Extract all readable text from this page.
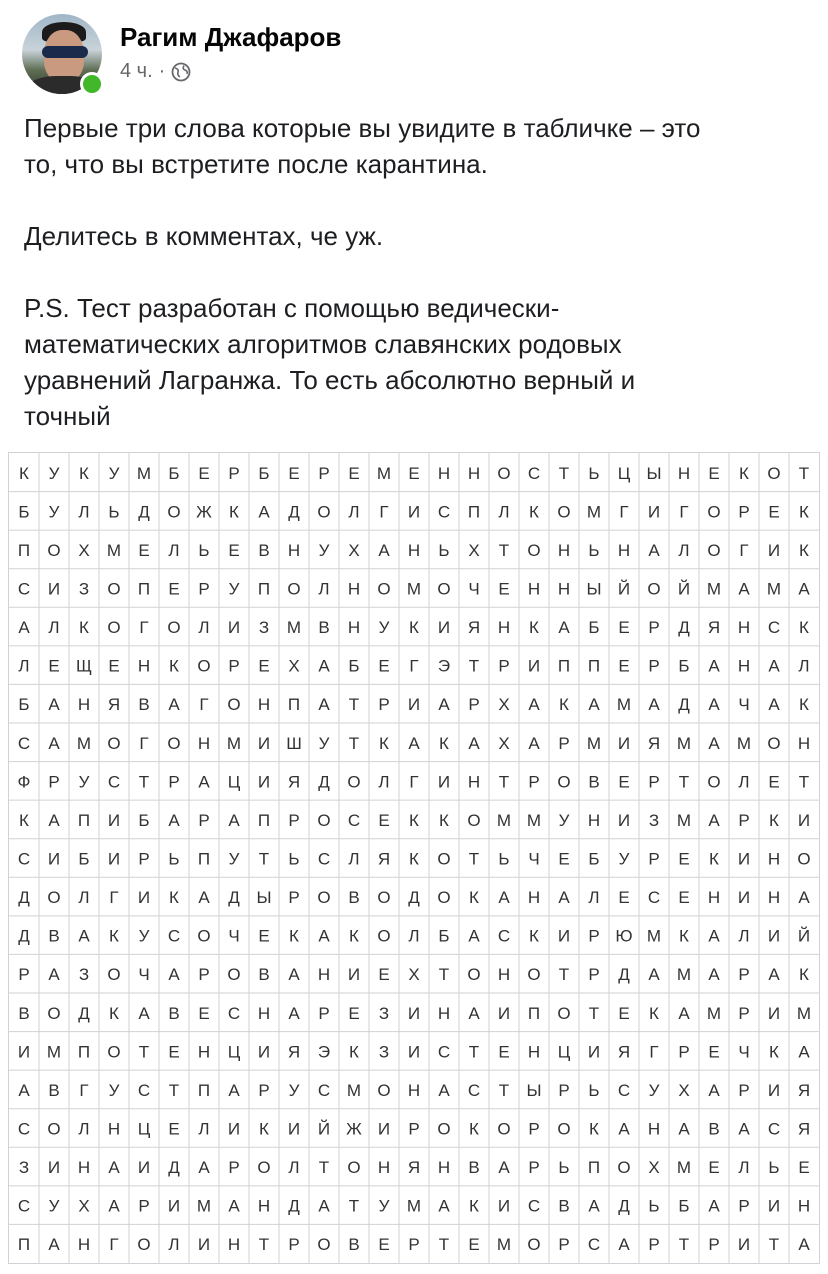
Рагим Джафаров
4 ч. ·
Первые три слова которые вы увидите в табличке – это
то, что вы встретите после карантина.

Делитесь в комментах, че уж.

P.S. Тест разработан с помощью ведически-
математических алгоритмов славянских родовых
уравнений Лагранжа. То есть абсолютно верный и
точный
К У К У М Б Е Р Б Е Р Е М Е Н Н О С Т Ь Ц Ы Н Е К О Т
Б У Л Ь Д О Ж К А Д О Л Г И С П Л К О М Г И Г О Р Е К
П О Х М Е Л Ь Е В Н У Х А Н Ь Х Т О Н Ь Н А Л О Г И К
С И З О П Е Р У П О Л Н О М О Ч Е Н Н Ы Й О Й М А М А
А Л К О Г О Л И З М В Н У К И Я Н К А Б Е Р Д Я Н С К
Л Е Щ Е Н К О Р Е Х А Б Е Г Э Т Р И П П Е Р Б А Н А Л
Б А Н Я В А Г О Н П А Т Р И А Р Х А К А М А Д А Ч А К
С А М О Г О Н М И Ш У Т К А К А Х А Р М И Я М А М О Н
Ф Р У С Т Р А Ц И Я Д О Л Г И Н Т Р О В Е Р Т О Л Е Т
К А П И Б А Р А П Р О С Е К К О М М У Н И З М А Р К И
С И Б И Р Ь П У Т Ь С Л Я К О Т Ь Ч Е Б У Р Е К И Н О
Д О Л Г И К А Д Ы Р О В О Д О К А Н А Л Е С Е Н И Н А
Д В А К У С О Ч Е К А К О Л Б А С К И Р Ю М К А Л И Й
Р А З О Ч А Р О В А Н И Е Х Т О Н О Т Р Д А М А Р А К
В О Д К А В Е С Н А Р Е З И Н А И П О Т Е К А М Р И М
И М П О Т Е Н Ц И Я Э К З И С Т Е Н Ц И Я Г Р Е Ч К А
А В Г У С Т П А Р У С М О Н А С Т Ы Р Ь С У Х А Р И Я
С О Л Н Ц Е Л И К И Й Ж И Р О К О Р О К А Н А В А С Я
З И Н А И Д А Р О Л Т О Н Я Н В А Р Ь П О Х М Е Л Ь Е
С У Х А Р И М А Н Д А Т У М А К И С В А Д Ь Б А Р И Н
П А Н Г О Л И Н Т Р О В Е Р Т Е М О Р С А Р Т Р И Т А
